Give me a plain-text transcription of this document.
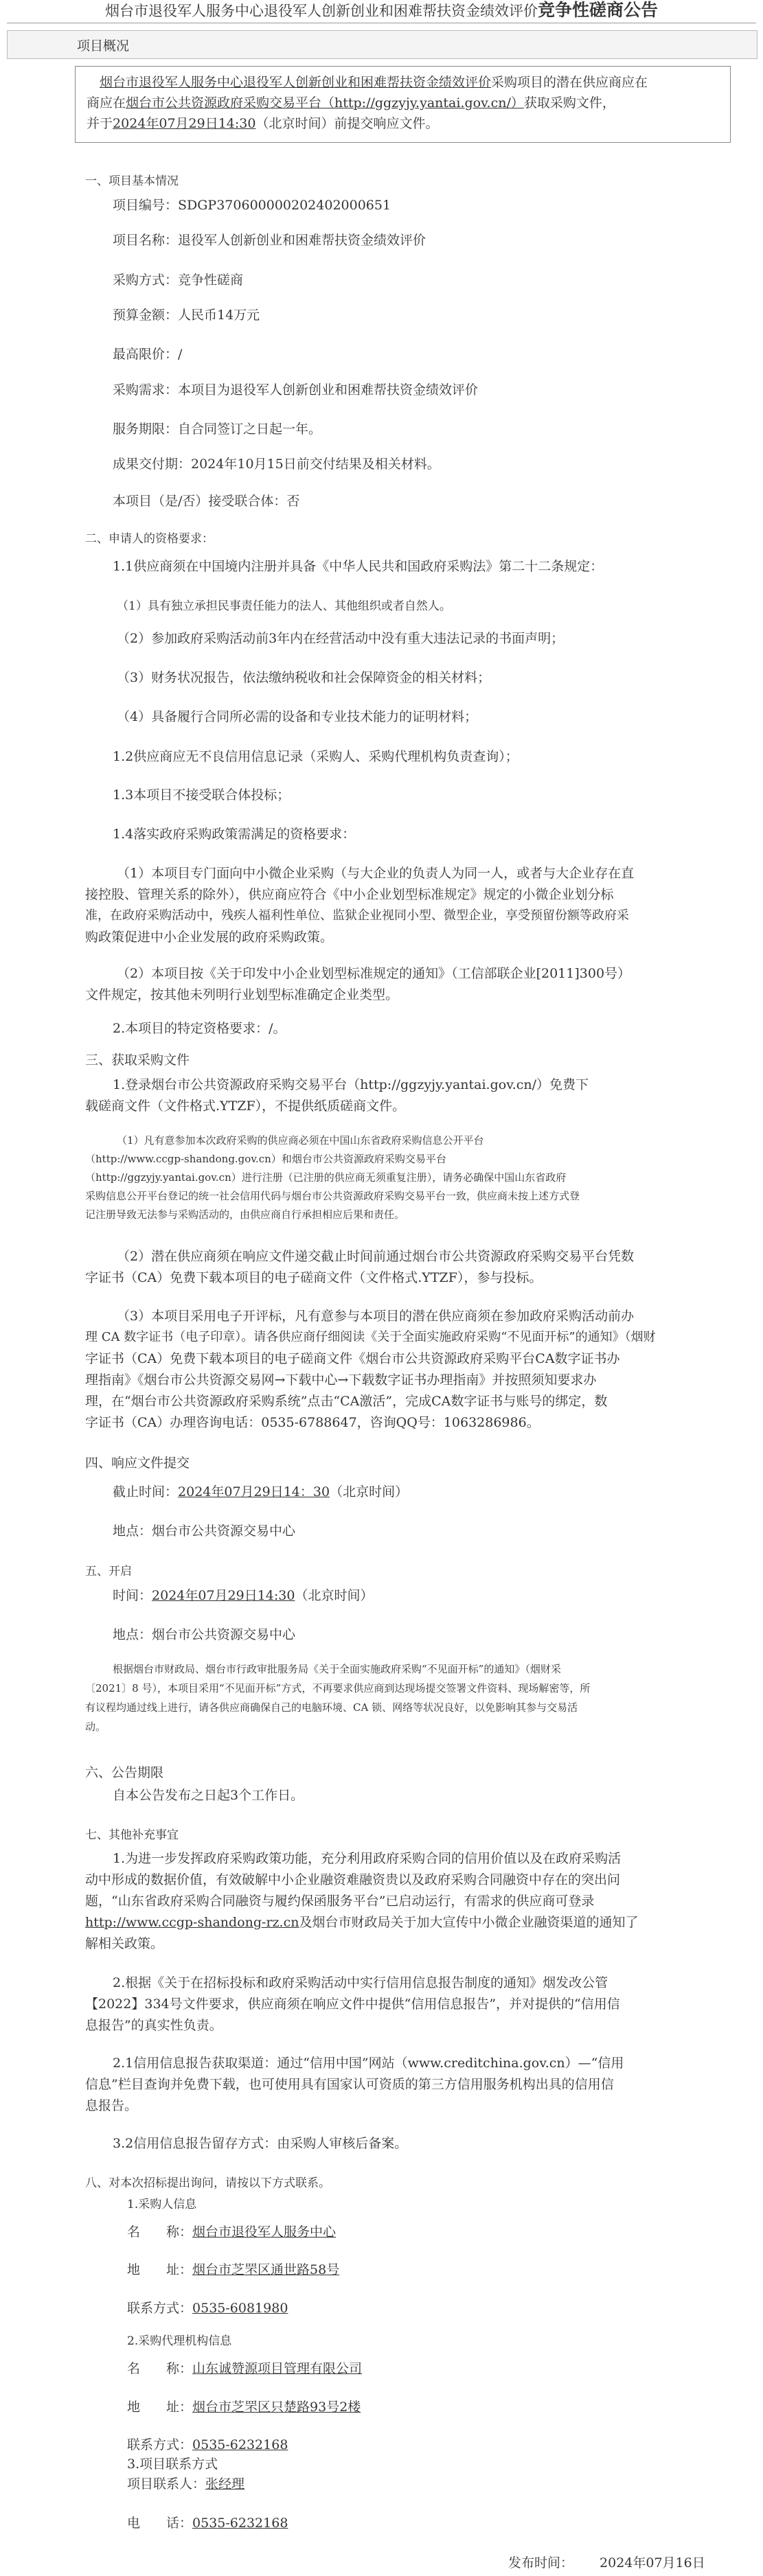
烟台市退役军人服务中心退役军人创新创业和困难帮扶资金绩效评价竞争性磋商公告
项目概况
 烟台市退役军人服务中心退役军人创新创业和困难帮扶资金绩效评价采购项目的潜在供应商应在
商应在烟台市公共资源政府采购交易平台（http://ggzyjy.yantai.gov.cn/）获取采购文件，
并于2024年07月29日14:30（北京时间）前提交响应文件。
一、项目基本情况
项目编号：SDGP370600000202402000651
项目名称：退役军人创新创业和困难帮扶资金绩效评价
采购方式：竞争性磋商
预算金额：人民币14万元
最高限价：/
采购需求：本项目为退役军人创新创业和困难帮扶资金绩效评价
服务期限：自合同签订之日起一年。
成果交付期：2024年10月15日前交付结果及相关材料。
本项目（是/否）接受联合体：否
二、申请人的资格要求：
1.1供应商须在中国境内注册并具备《中华人民共和国政府采购法》第二十二条规定：
（1）具有独立承担民事责任能力的法人、其他组织或者自然人。
（2）参加政府采购活动前3年内在经营活动中没有重大违法记录的书面声明；
（3）财务状况报告，依法缴纳税收和社会保障资金的相关材料；
（4）具备履行合同所必需的设备和专业技术能力的证明材料；
1.2供应商应无不良信用信息记录（采购人、采购代理机构负责查询）；
1.3本项目不接受联合体投标；
1.4落实政府采购政策需满足的资格要求：
（1）本项目专门面向中小微企业采购（与大企业的负责人为同一人，或者与大企业存在直
接控股、管理关系的除外），供应商应符合《中小企业划型标准规定》规定的小微企业划分标
准，在政府采购活动中，残疾人福利性单位、监狱企业视同小型、微型企业，享受预留份额等政府采
购政策促进中小企业发展的政府采购政策。
（2）本项目按《关于印发中小企业划型标准规定的通知》（工信部联企业[2011]300号）
文件规定，按其他未列明行业划型标准确定企业类型。
2.本项目的特定资格要求：/。
三、获取采购文件
1.登录烟台市公共资源政府采购交易平台（http://ggzyjy.yantai.gov.cn/）免费下
载磋商文件（文件格式.YTZF），不提供纸质磋商文件。
（1）凡有意参加本次政府采购的供应商必须在中国山东省政府采购信息公开平台
（http://www.ccgp-shandong.gov.cn）和烟台市公共资源政府采购交易平台
（http://ggzyjy.yantai.gov.cn）进行注册（已注册的供应商无须重复注册），请务必确保中国山东省政府
采购信息公开平台登记的统一社会信用代码与烟台市公共资源政府采购交易平台一致，供应商未按上述方式登
记注册导致无法参与采购活动的，由供应商自行承担相应后果和责任。
（2）潜在供应商须在响应文件递交截止时间前通过烟台市公共资源政府采购交易平台凭数
字证书（CA）免费下载本项目的电子磋商文件（文件格式.YTZF），参与投标。
（3）本项目采用电子开评标，凡有意参与本项目的潜在供应商须在参加政府采购活动前办
理 CA 数字证书（电子印章）。请各供应商仔细阅读《关于全面实施政府采购“不见面开标”的通知》（烟财
字证书（CA）免费下载本项目的电子磋商文件《烟台市公共资源政府采购平台CA数字证书办
理指南》《烟台市公共资源交易网→下载中心→下载数字证书办理指南》并按照须知要求办
理，在“烟台市公共资源政府采购系统”点击“CA激活”，完成CA数字证书与账号的绑定，数
字证书（CA）办理咨询电话：0535-6788647，咨询QQ号：1063286986。
四、响应文件提交
截止时间：2024年07月29日14：30（北京时间）
地点：烟台市公共资源交易中心
五、开启
时间：2024年07月29日14:30（北京时间）
地点：烟台市公共资源交易中心
根据烟台市财政局、烟台市行政审批服务局《关于全面实施政府采购“不见面开标”的通知》（烟财采
〔2021〕8 号），本项目采用“不见面开标”方式，不再要求供应商到达现场提交签署文件资料、现场解密等，所
有议程均通过线上进行，请各供应商确保自己的电脑环境、CA 锁、网络等状况良好，以免影响其参与交易活
动。
六、公告期限
自本公告发布之日起3个工作日。
七、其他补充事宜
1.为进一步发挥政府采购政策功能，充分利用政府采购合同的信用价值以及在政府采购活
动中形成的数据价值，有效破解中小企业融资难融资贵以及政府采购合同融资中存在的突出问
题，“山东省政府采购合同融资与履约保函服务平台”已启动运行，有需求的供应商可登录
http://www.ccgp-shandong-rz.cn及烟台市财政局关于加大宣传中小微企业融资渠道的通知了
解相关政策。
2.根据《关于在招标投标和政府采购活动中实行信用信息报告制度的通知》烟发改公管
【2022】334号文件要求，供应商须在响应文件中提供“信用信息报告”，并对提供的“信用信
息报告”的真实性负责。
2.1信用信息报告获取渠道：通过“信用中国”网站（www.creditchina.gov.cn）—“信用
信息”栏目查询并免费下载，也可使用具有国家认可资质的第三方信用服务机构出具的信用信
息报告。
3.2信用信息报告留存方式：由采购人审核后备案。
八、对本次招标提出询问，请按以下方式联系。
1.采购人信息
名　　称：烟台市退役军人服务中心
地　　址：烟台市芝罘区通世路58号
联系方式：0535-6081980
2.采购代理机构信息
名　　称：山东诚赞源项目管理有限公司
地　　址：烟台市芝罘区只楚路93号2楼
联系方式：0535-6232168
3.项目联系方式
项目联系人：张经理
电　　话：0535-6232168
发布时间：   2024年07月16日
